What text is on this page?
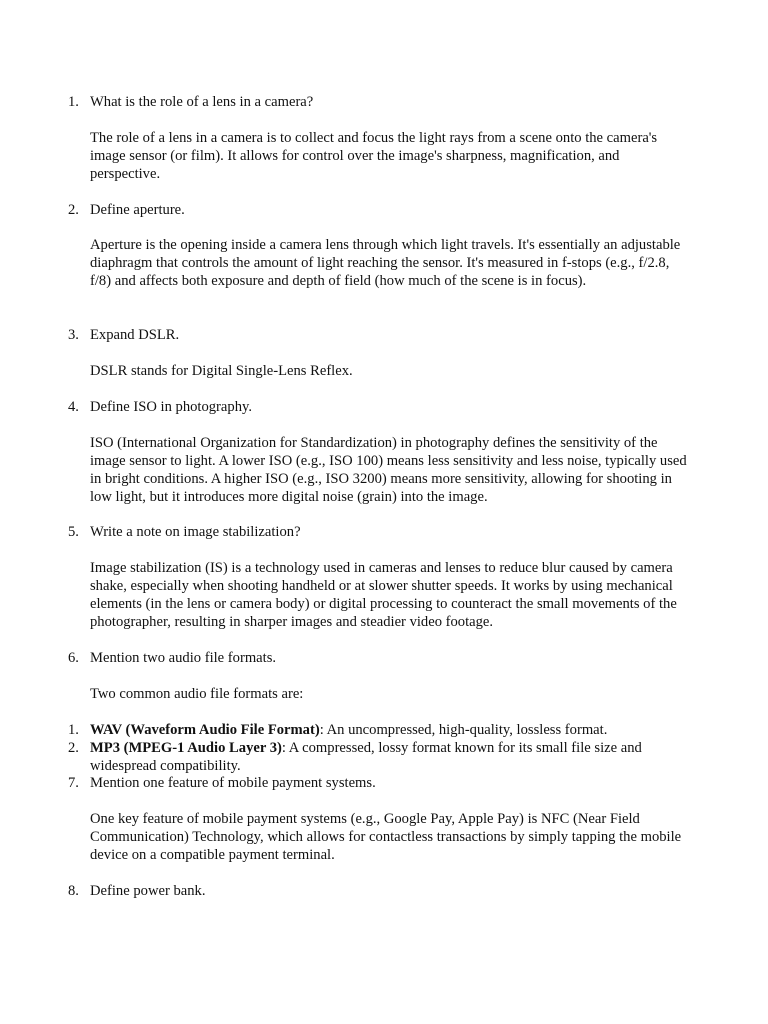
1. What is the role of a lens in a camera?

The role of a lens in a camera is to collect and focus the light rays from a scene onto the camera's image sensor (or film). It allows for control over the image's sharpness, magnification, and perspective.

2. Define aperture.

Aperture is the opening inside a camera lens through which light travels. It's essentially an adjustable diaphragm that controls the amount of light reaching the sensor. It's measured in f-stops (e.g., f/2.8, f/8) and affects both exposure and depth of field (how much of the scene is in focus).

3. Expand DSLR.

DSLR stands for Digital Single-Lens Reflex.

4. Define ISO in photography.

ISO (International Organization for Standardization) in photography defines the sensitivity of the image sensor to light. A lower ISO (e.g., ISO 100) means less sensitivity and less noise, typically used in bright conditions. A higher ISO (e.g., ISO 3200) means more sensitivity, allowing for shooting in low light, but it introduces more digital noise (grain) into the image.

5. Write a note on image stabilization?

Image stabilization (IS) is a technology used in cameras and lenses to reduce blur caused by camera shake, especially when shooting handheld or at slower shutter speeds. It works by using mechanical elements (in the lens or camera body) or digital processing to counteract the small movements of the photographer, resulting in sharper images and steadier video footage.

6. Mention two audio file formats.

Two common audio file formats are:

1. WAV (Waveform Audio File Format): An uncompressed, high-quality, lossless format.

2. MP3 (MPEG-1 Audio Layer 3): A compressed, lossy format known for its small file size and widespread compatibility.

7. Mention one feature of mobile payment systems.

One key feature of mobile payment systems (e.g., Google Pay, Apple Pay) is NFC (Near Field Communication) Technology, which allows for contactless transactions by simply tapping the mobile device on a compatible payment terminal.

8. Define power bank.
